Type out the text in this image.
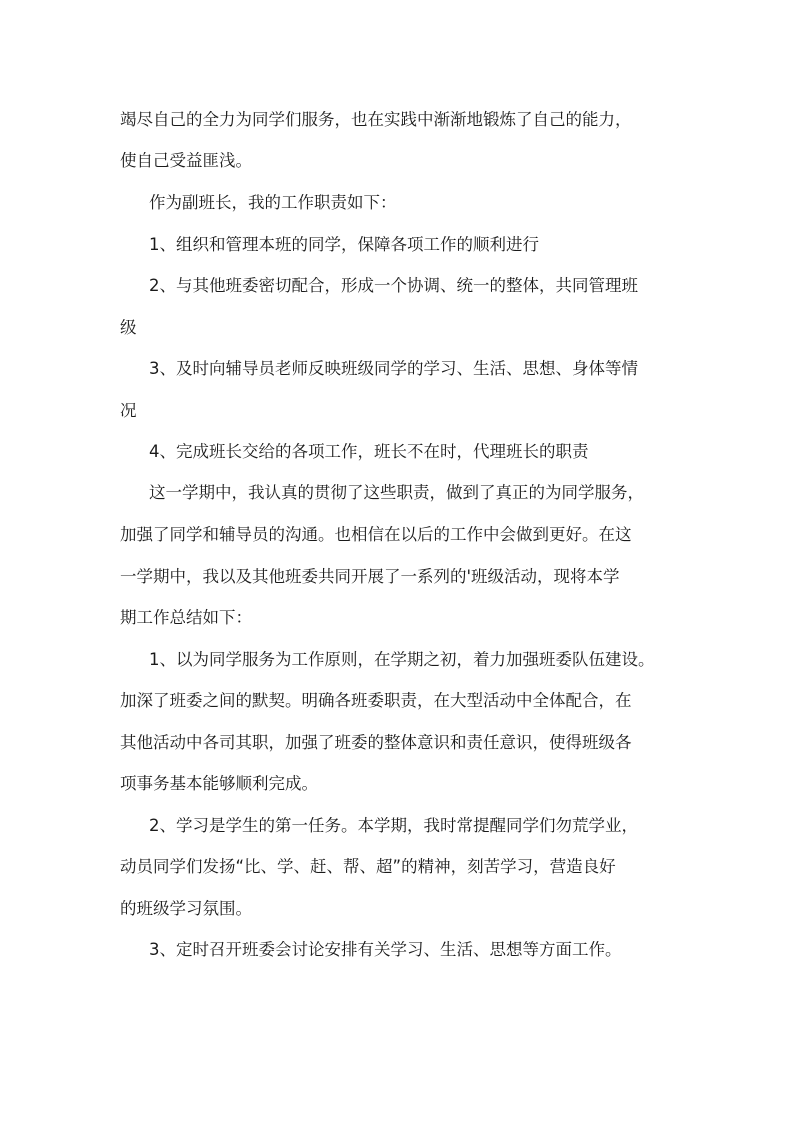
竭尽自己的全力为同学们服务，也在实践中渐渐地锻炼了自己的能力，
使自己受益匪浅。
作为副班长，我的工作职责如下：
1、组织和管理本班的同学，保障各项工作的顺利进行
2、与其他班委密切配合，形成一个协调、统一的整体，共同管理班
级
3、及时向辅导员老师反映班级同学的学习、生活、思想、身体等情
况
4、完成班长交给的各项工作，班长不在时，代理班长的职责
这一学期中，我认真的贯彻了这些职责，做到了真正的为同学服务，
加强了同学和辅导员的沟通。也相信在以后的工作中会做到更好。在这
一学期中，我以及其他班委共同开展了一系列的'班级活动，现将本学
期工作总结如下：
1、以为同学服务为工作原则，在学期之初，着力加强班委队伍建设。
加深了班委之间的默契。明确各班委职责，在大型活动中全体配合，在
其他活动中各司其职，加强了班委的整体意识和责任意识，使得班级各
项事务基本能够顺利完成。
2、学习是学生的第一任务。本学期，我时常提醒同学们勿荒学业，
动员同学们发扬“比、学、赶、帮、超”的精神，刻苦学习，营造良好
的班级学习氛围。
3、定时召开班委会讨论安排有关学习、生活、思想等方面工作。
